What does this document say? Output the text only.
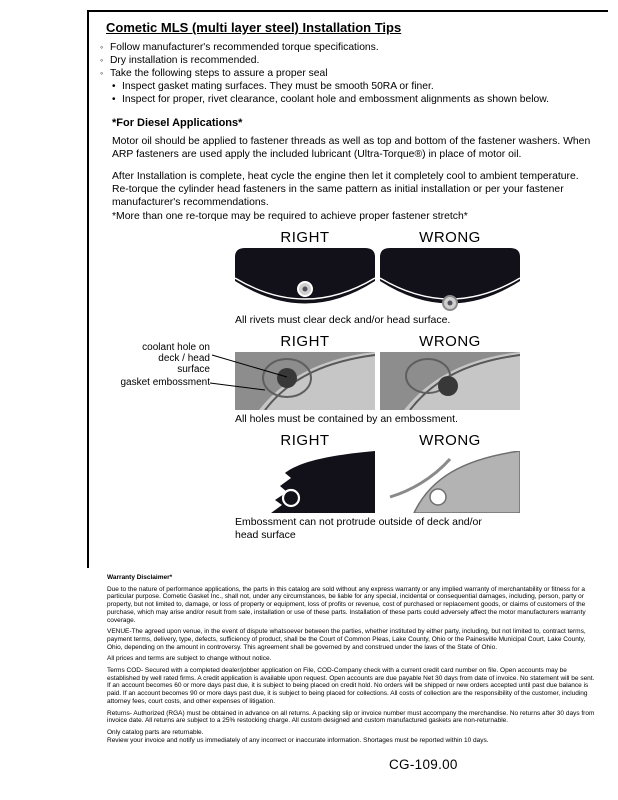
Cometic MLS (multi layer steel) Installation Tips
◦ Follow manufacturer's recommended torque specifications.
◦ Dry installation is recommended.
◦ Take the following steps to assure a proper seal
• Inspect gasket mating surfaces. They must be smooth 50RA or finer.
• Inspect for proper, rivet clearance, coolant hole and embossment alignments as shown below.
*For Diesel Applications*
Motor oil should be applied to fastener threads as well as top and bottom of the fastener washers. When ARP fasteners are used apply the included lubricant (Ultra-Torque®) in place of motor oil.
After Installation is complete, heat cycle the engine then let it completely cool to ambient temperature. Re-torque the cylinder head fasteners in the same pattern as initial installation or per your fastener manufacturer's recommendations.
*More than one re-torque may be required to achieve proper fastener stretch*
RIGHT	WRONG
All rivets must clear deck and/or head surface.
RIGHT	WRONG
All holes must be contained by an embossment.
coolant hole on
deck / head surface
gasket embossment
RIGHT	WRONG
Embossment can not protrude outside of deck and/or head surface
Warranty Disclaimer*

Due to the nature of performance applications, the parts in this catalog are sold without any express warranty or any implied warranty of merchantability or fitness for a particular purpose. Cometic Gasket Inc., shall not, under any circumstances, be liable for any special, incidental or consequential damages, including, person, party or property, but not limited to, damage, or loss of property or equipment, loss of profits or revenue, cost of purchased or replacement goods, or claims of customers of the purchase, which may arise and/or result from sale, installation or use of these parts. Installation of these parts could adversely affect the motor manufacturers warranty coverage.

VENUE-The agreed upon venue, in the event of dispute whatsoever between the parties, whether instituted by either party, including, but not limited to, contract terms, payment terms, delivery, type, defects, sufficiency of product, shall be the Court of Common Pleas, Lake County, Ohio or the Painesville Municipal Court, Lake County, Ohio, depending on the amount in controversy. This agreement shall be governed by and construed under the laws of the State of Ohio.

All prices and terms are subject to change without notice.

Terms COD- Secured with a completed dealer/jobber application on File, COD-Company check with a current credit card number on file. Open accounts may be established by well rated firms. A credit application is available upon request. Open accounts are due payable Net 30 days from date of invoice. No statement will be sent. If an account becomes 60 or more days past due, it is subject to being placed on credit hold. No orders will be shipped or new orders accepted until past due balance is paid. If an account becomes 90 or more days past due, it is subject to being placed for collections. All costs of collection are the responsibility of the customer, including attorney fees, court costs, and other expenses of litigation.

Returns- Authorized (RGA) must be obtained in advance on all returns. A packing slip or invoice number must accompany the merchandise. No returns after 30 days from invoice date. All returns are subject to a 25% restocking charge. All custom designed and custom manufactured gaskets are non-returnable.

Only catalog parts are returnable.

Review your invoice and notify us immediately of any incorrect or inaccurate information. Shortages must be reported within 10 days.

CG-109.00
